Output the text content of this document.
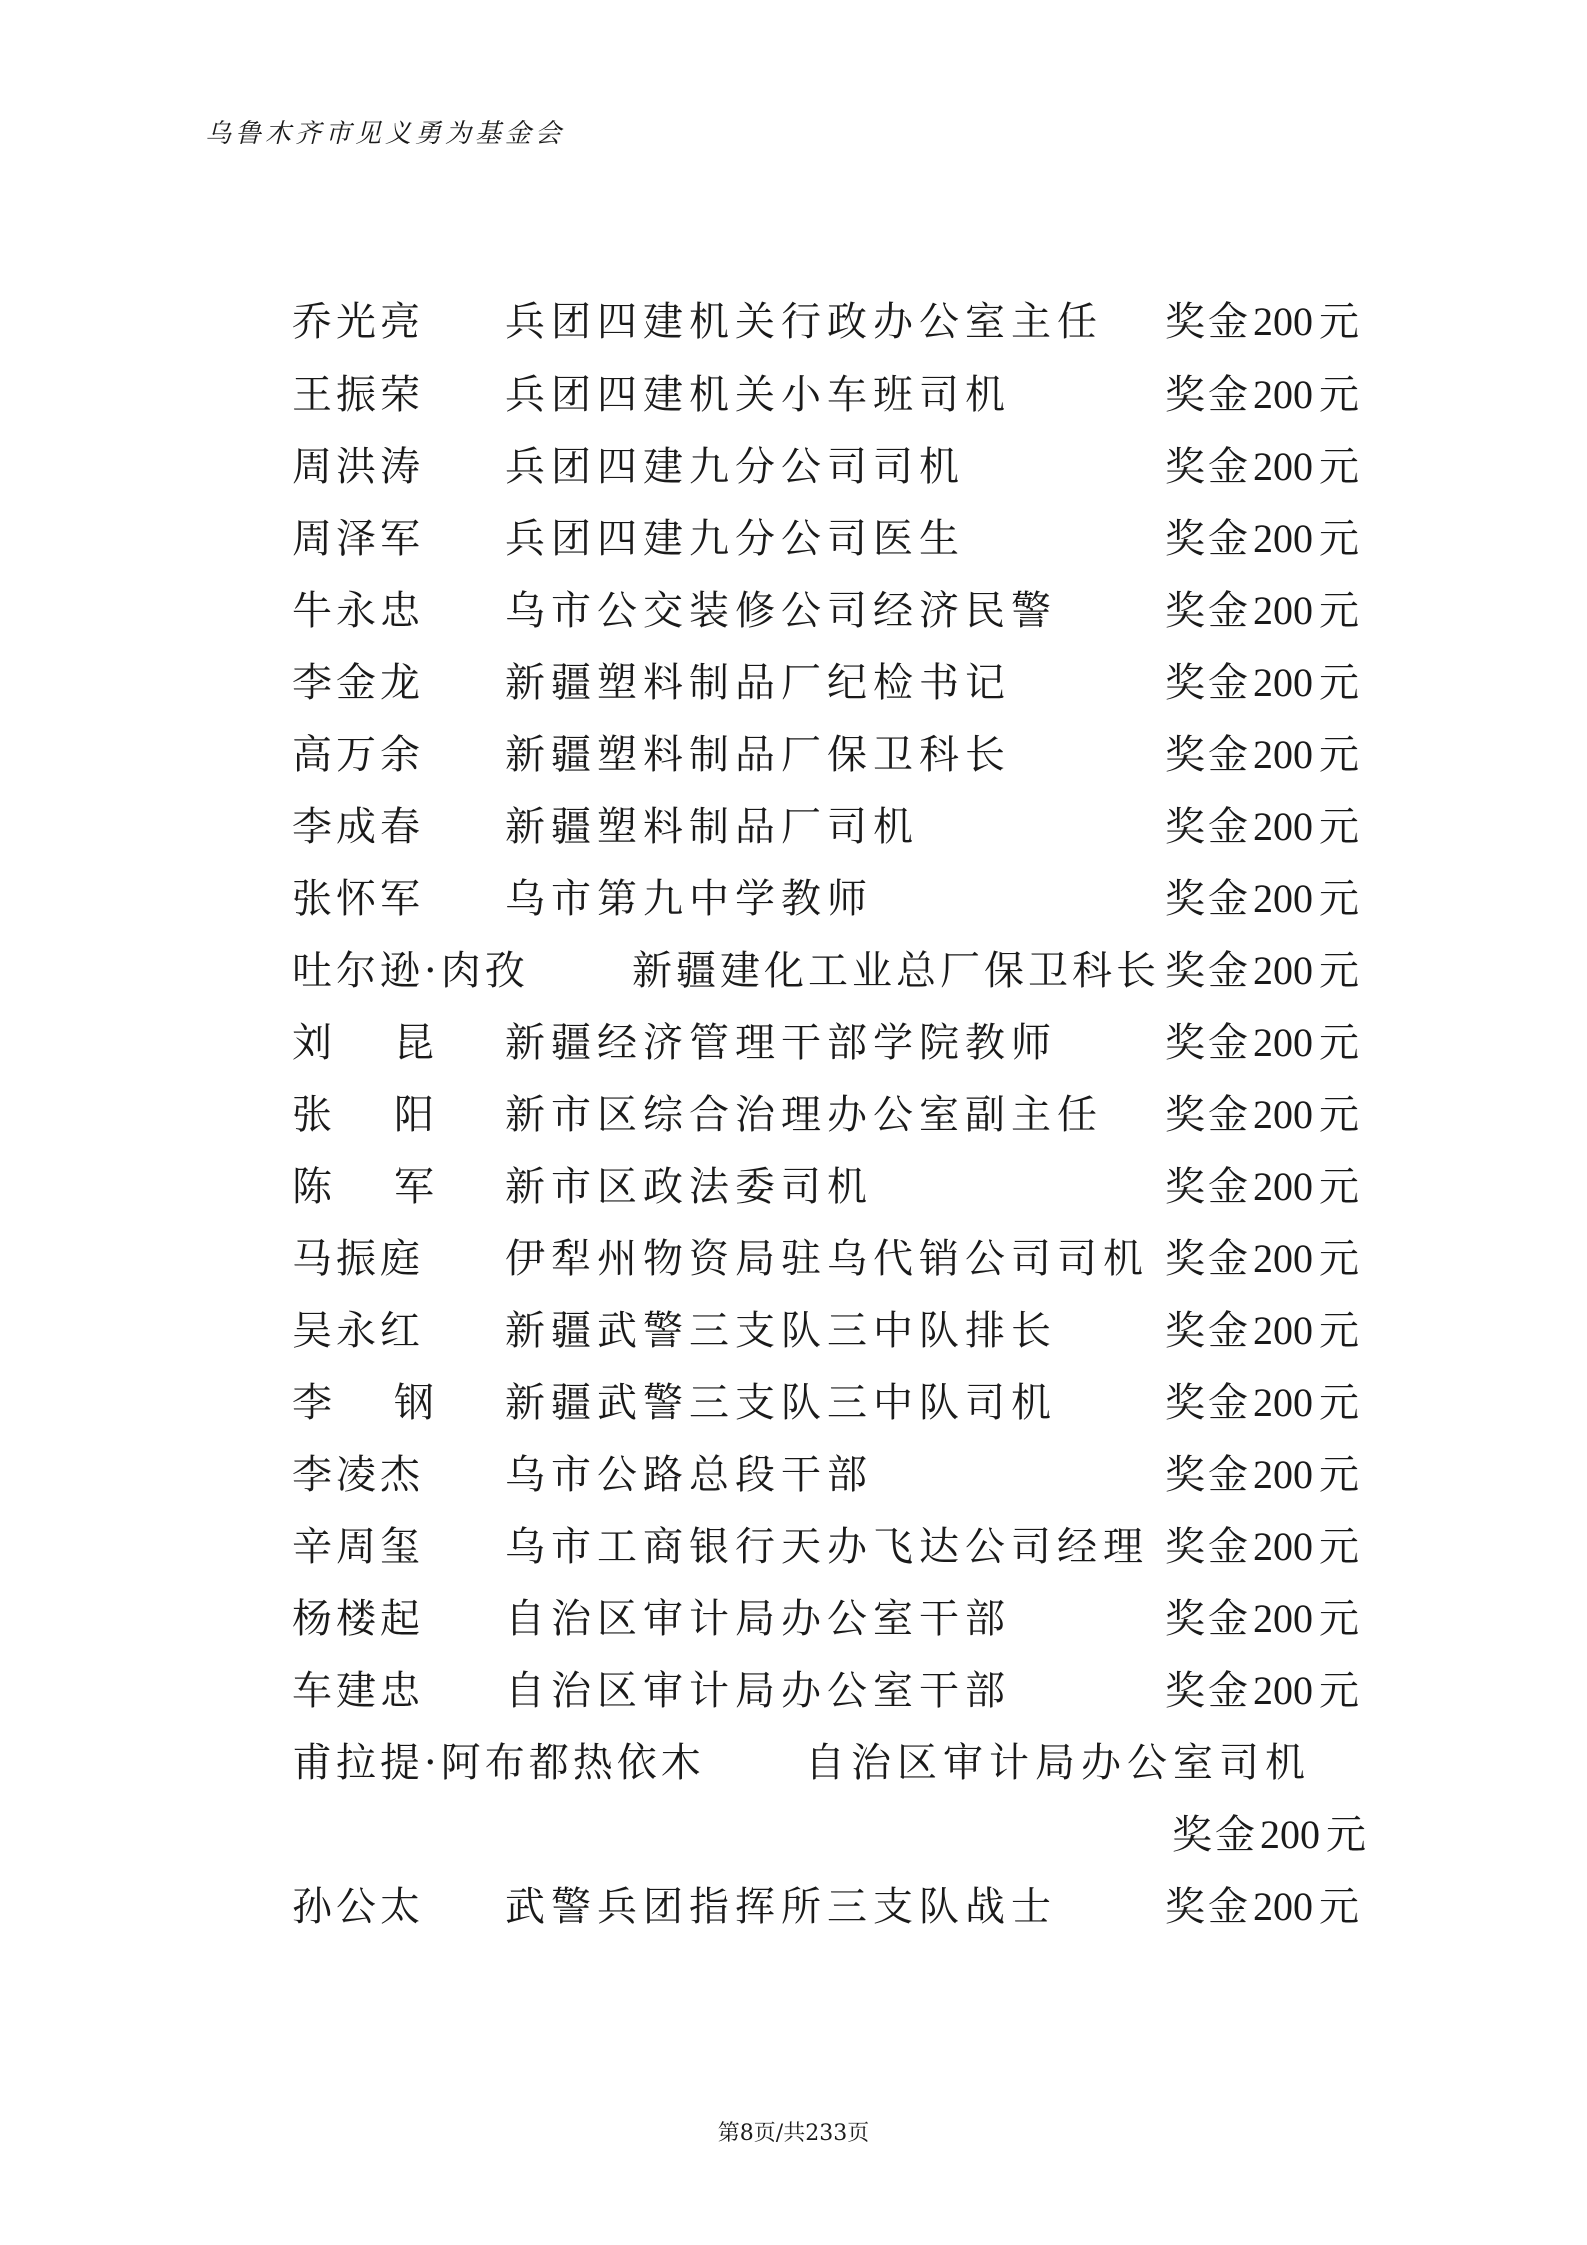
乌鲁木齐市见义勇为基金会
乔光亮 兵团四建机关行政办公室主任 奖金200 元
王振荣 兵团四建机关小车班司机	奖金200 元
周洪涛 兵团四建九分公司司机	奖金200 元
周泽军 兵团四建九分公司医生	奖金200 元
牛永忠 乌市公交装修公司经济民警	奖金200 元
李金龙 新疆塑料制品厂纪检书记	奖金200 元
高万余 新疆塑料制品厂保卫科长	奖金200 元
李成春 新疆塑料制品厂司机	奖金200 元
张怀军 乌市第九中学教师	奖金200 元
吐尔逊·肉孜	新疆建化工业总厂保卫科长 奖金200 元
刘昆 新疆经济管理干部学院教师	奖金200 元
张阳 新市区综合治理办公室副主任 奖金200 元
陈军 新市区政法委司机	奖金200 元
马振庭 伊犁州物资局驻乌代销公司司机 奖金200 元
吴永红 新疆武警三支队三中队排长	奖金200 元
李钢 新疆武警三支队三中队司机	奖金200 元
李凌杰 乌市公路总段干部	奖金200 元
辛周玺 乌市工商银行天办飞达公司经理 奖金200 元
杨楼起 自治区审计局办公室干部	奖金200 元
车建忠 自治区审计局办公室干部	奖金200 元
甫拉提·阿布都热依木	自治区审计局办公室司机
奖金200 元
孙公太 武警兵团指挥所三支队战士	奖金200 元
第8页/共233页
